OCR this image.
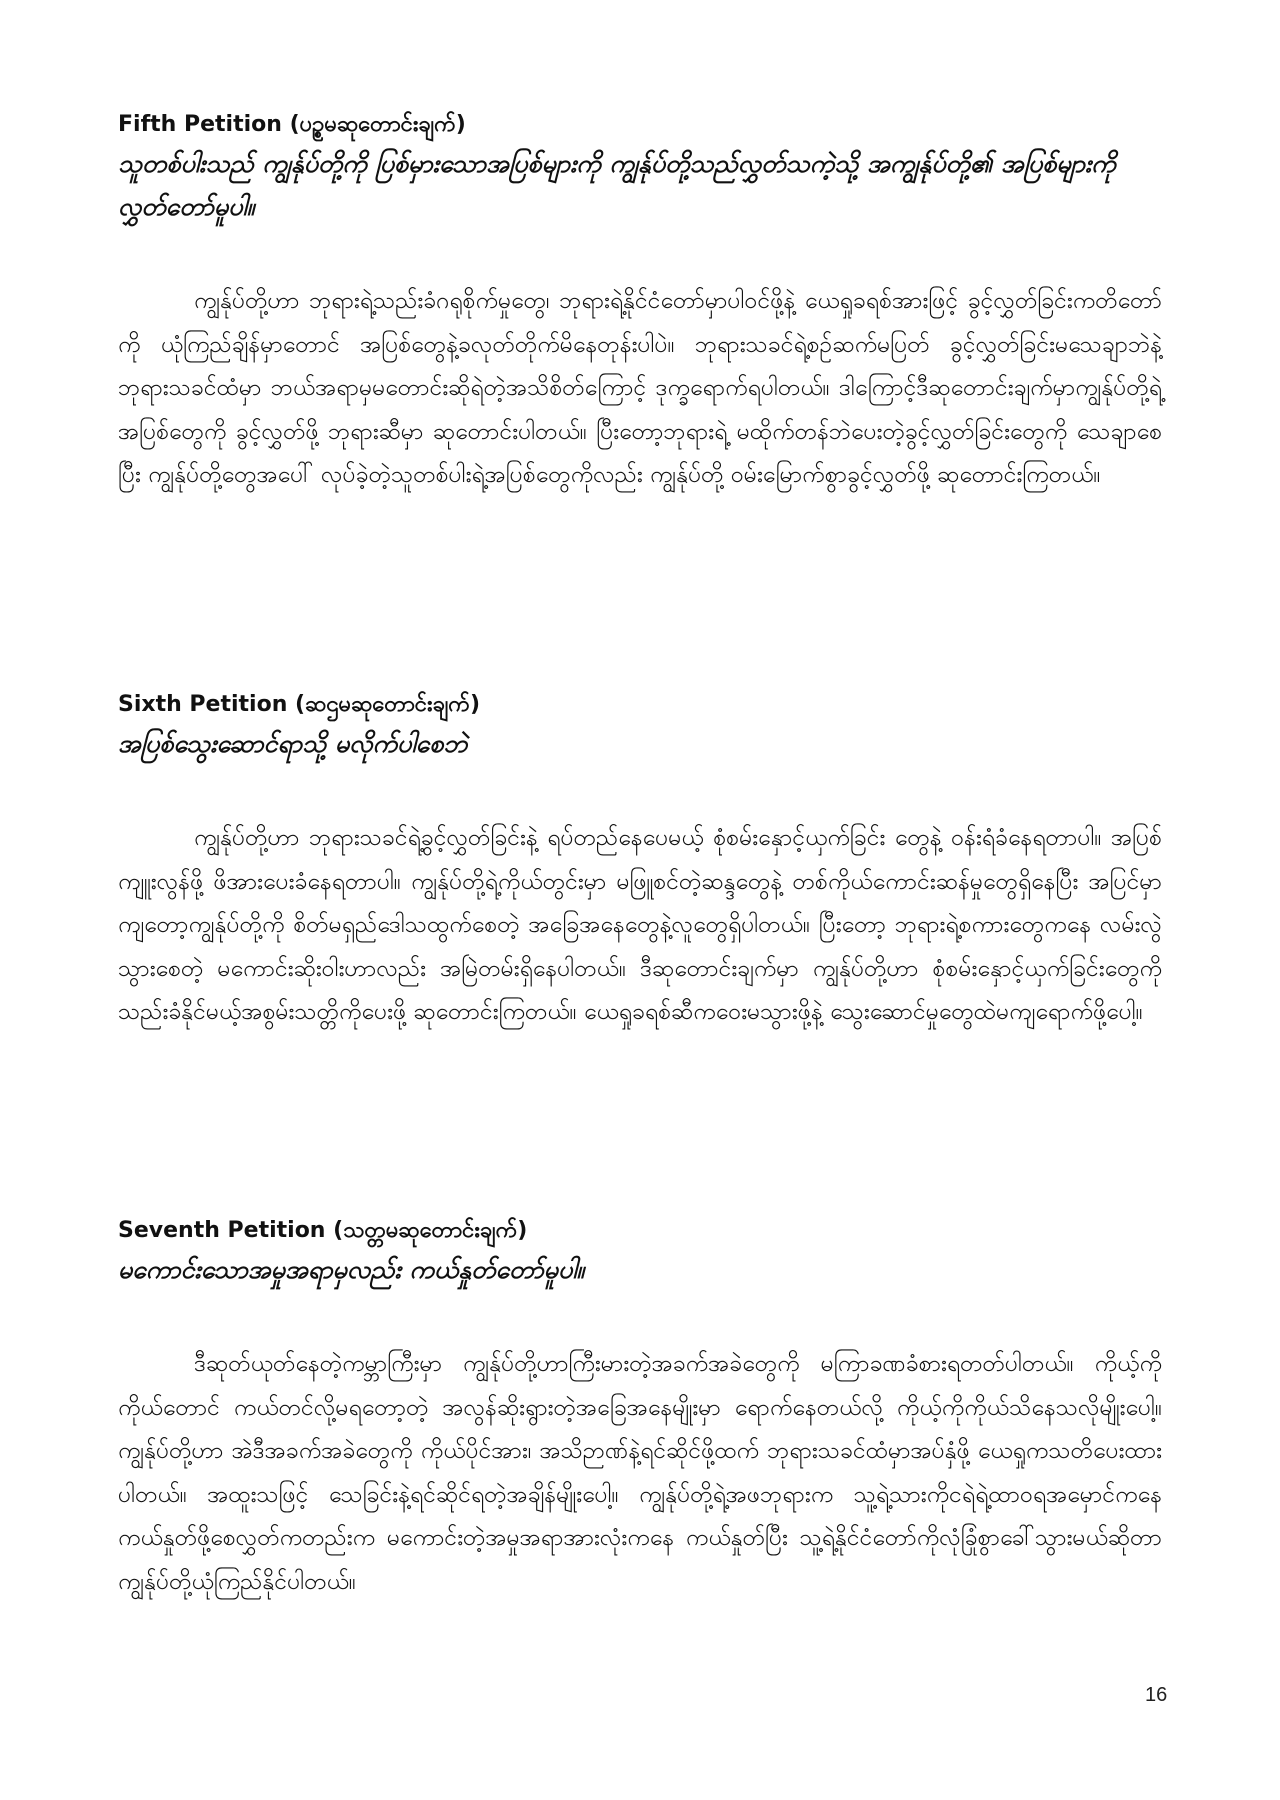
Fifth Petition (ပဥ္စမဆုတောင်းချက်)

သူတစ်ပါးသည် ကျွန်ုပ်တို့ကို ပြစ်မှားသောအပြစ်များကို ကျွန်ုပ်တို့သည်လွှတ်သကဲ့သို့ အကျွန်ုပ်တို့၏ အပြစ်များကို လွှတ်တော်မူပါ။

ကျွန်ုပ်တို့ဟာ ဘုရားရဲ့သည်းခံဂရုစိုက်မှုတွေ၊ ဘုရားရဲ့နိုင်ငံတော်မှာပါဝင်ဖို့နဲ့ ယေရှုခရစ်အားဖြင့် ခွင့်လွှတ်ခြင်းကတိတော်ကို ယုံကြည်ချိန်မှာတောင် အပြစ်တွေနဲ့ခလုတ်တိုက်မိနေတုန်းပါပဲ။ ဘုရားသခင်ရဲ့စဉ်ဆက်မပြတ် ခွင့်လွှတ်ခြင်းမသေချာဘဲနဲ့ ဘုရားသခင်ထံမှာ ဘယ်အရာမှမတောင်းဆိုရဲတဲ့အသိစိတ်ကြောင့် ဒုက္ခရောက်ရပါတယ်။ ဒါကြောင့်ဒီဆုတောင်းချက်မှာကျွန်ုပ်တို့ရဲ့အပြစ်တွေကို ခွင့်လွှတ်ဖို့ ဘုရားဆီမှာ ဆုတောင်းပါတယ်။ ပြီးတော့ဘုရားရဲ့ မထိုက်တန်ဘဲပေးတဲ့ခွင့်လွှတ်ခြင်းတွေကို သေချာစေပြီး ကျွန်ုပ်တို့တွေအပေါ် လုပ်ခဲ့တဲ့သူတစ်ပါးရဲ့အပြစ်တွေကိုလည်း ကျွန်ုပ်တို့ ဝမ်းမြောက်စွာခွင့်လွှတ်ဖို့ ဆုတောင်းကြတယ်။

Sixth Petition (ဆဌမဆုတောင်းချက်)

အပြစ်သွေးဆောင်ရာသို့ မလိုက်ပါစေဘဲ

ကျွန်ုပ်တို့ဟာ ဘုရားသခင်ရဲ့ခွင့်လွှတ်ခြင်းနဲ့ ရပ်တည်နေပေမယ့် စုံစမ်းနှောင့်ယှက်ခြင်း တွေနဲ့ ဝန်းရံခံနေရတာပါ။ အပြစ်ကျူးလွန်ဖို့ ဖိအားပေးခံနေရတာပါ။ ကျွန်ုပ်တို့ရဲ့ကိုယ်တွင်းမှာ မဖြူစင်တဲ့ဆန္ဒတွေနဲ့ တစ်ကိုယ်ကောင်းဆန်မှုတွေရှိနေပြီး အပြင်မှာကျတော့ကျွန်ုပ်တို့ကို စိတ်မရှည်ဒေါသထွက်စေတဲ့ အခြေအနေတွေနဲ့လူတွေရှိပါတယ်။ ပြီးတော့ ဘုရားရဲ့စကားတွေကနေ လမ်းလွဲသွားစေတဲ့ မကောင်းဆိုးဝါးဟာလည်း အမြဲတမ်းရှိနေပါတယ်။ ဒီဆုတောင်းချက်မှာ ကျွန်ုပ်တို့ဟာ စုံစမ်းနှောင့်ယှက်ခြင်းတွေကို သည်းခံနိုင်မယ့်အစွမ်းသတ္တိကိုပေးဖို့ ဆုတောင်းကြတယ်။ ယေရှုခရစ်ဆီကဝေးမသွားဖို့နဲ့ သွေးဆောင်မှုတွေထဲမကျရောက်ဖို့ပေါ့။

Seventh Petition (သတ္တမဆုတောင်းချက်)

မကောင်းသောအမှုအရာမှလည်း ကယ်နှုတ်တော်မူပါ။

ဒီဆုတ်ယုတ်နေတဲ့ကမ္ဘာကြီးမှာ ကျွန်ုပ်တို့ဟာကြီးမားတဲ့အခက်အခဲတွေကို မကြာခဏခံစားရတတ်ပါတယ်။ ကိုယ့်ကိုကိုယ်တောင် ကယ်တင်လို့မရတော့တဲ့ အလွန်ဆိုးရွားတဲ့အခြေအနေမျိုးမှာ ရောက်နေတယ်လို့ ကိုယ့်ကိုကိုယ်သိနေသလိုမျိုးပေါ့။ ကျွန်ုပ်တို့ဟာ အဲဒီအခက်အခဲတွေကို ကိုယ်ပိုင်အား၊ အသိဉာဏ်နဲ့ရင်ဆိုင်ဖို့ထက် ဘုရားသခင်ထံမှာအပ်နှံဖို့ ယေရှုကသတိပေးထားပါတယ်။ အထူးသဖြင့် သေခြင်းနဲ့ရင်ဆိုင်ရတဲ့အချိန်မျိုးပေါ့။ ကျွန်ုပ်တို့ရဲ့အဖဘုရားက သူ့ရဲ့သားကိုငရဲရဲ့ထာဝရအမှောင်ကနေ ကယ်နှုတ်ဖို့စေလွှတ်ကတည်းက မကောင်းတဲ့အမှုအရာအားလုံးကနေ ကယ်နှုတ်ပြီး သူ့ရဲ့နိုင်ငံတော်ကိုလုံခြုံစွာခေါ်သွားမယ်ဆိုတာ ကျွန်ုပ်တို့ယုံကြည်နိုင်ပါတယ်။

16
